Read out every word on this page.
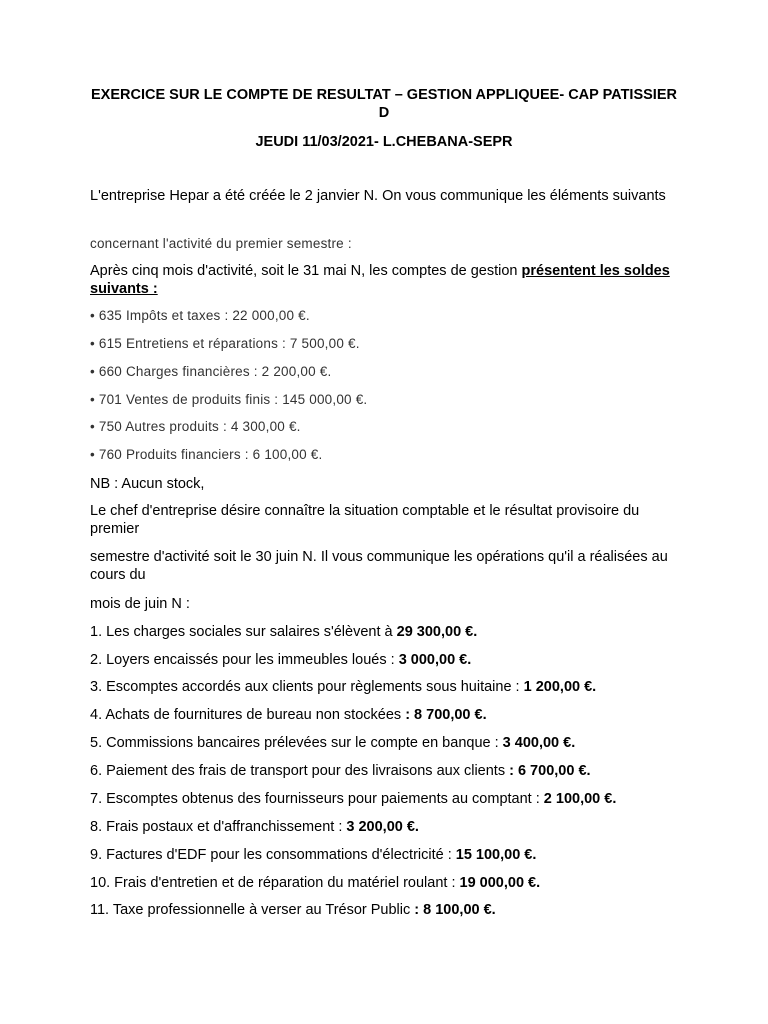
EXERCICE SUR LE COMPTE DE RESULTAT – GESTION APPLIQUEE- CAP PATISSIER D
JEUDI 11/03/2021- L.CHEBANA-SEPR
L'entreprise Hepar a été créée le 2 janvier N. On vous communique les éléments suivants
concernant l'activité du premier semestre :
Après cinq mois d'activité, soit le 31 mai N, les comptes de gestion présentent les soldes suivants :
• 635 Impôts et taxes : 22 000,00 €.
• 615 Entretiens et réparations : 7 500,00 €.
• 660 Charges financières : 2 200,00 €.
• 701 Ventes de produits finis : 145 000,00 €.
• 750 Autres produits : 4 300,00 €.
• 760 Produits financiers : 6 100,00 €.
NB : Aucun stock,
Le chef d'entreprise désire connaître la situation comptable et le résultat provisoire du premier
semestre d'activité soit le 30 juin N. Il vous communique les opérations qu'il a réalisées au cours du
mois de juin N :
1. Les charges sociales sur salaires s'élèvent à 29 300,00 €.
2. Loyers encaissés pour les immeubles loués : 3 000,00 €.
3. Escomptes accordés aux clients pour règlements sous huitaine : 1 200,00 €.
4. Achats de fournitures de bureau non stockées : 8 700,00 €.
5. Commissions bancaires prélevées sur le compte en banque : 3 400,00 €.
6. Paiement des frais de transport pour des livraisons aux clients : 6 700,00 €.
7. Escomptes obtenus des fournisseurs pour paiements au comptant : 2 100,00 €.
8. Frais postaux et d'affranchissement : 3 200,00 €.
9. Factures d'EDF pour les consommations d'électricité : 15 100,00 €.
10. Frais d'entretien et de réparation du matériel roulant : 19 000,00 €.
11. Taxe professionnelle à verser au Trésor Public : 8 100,00 €.
